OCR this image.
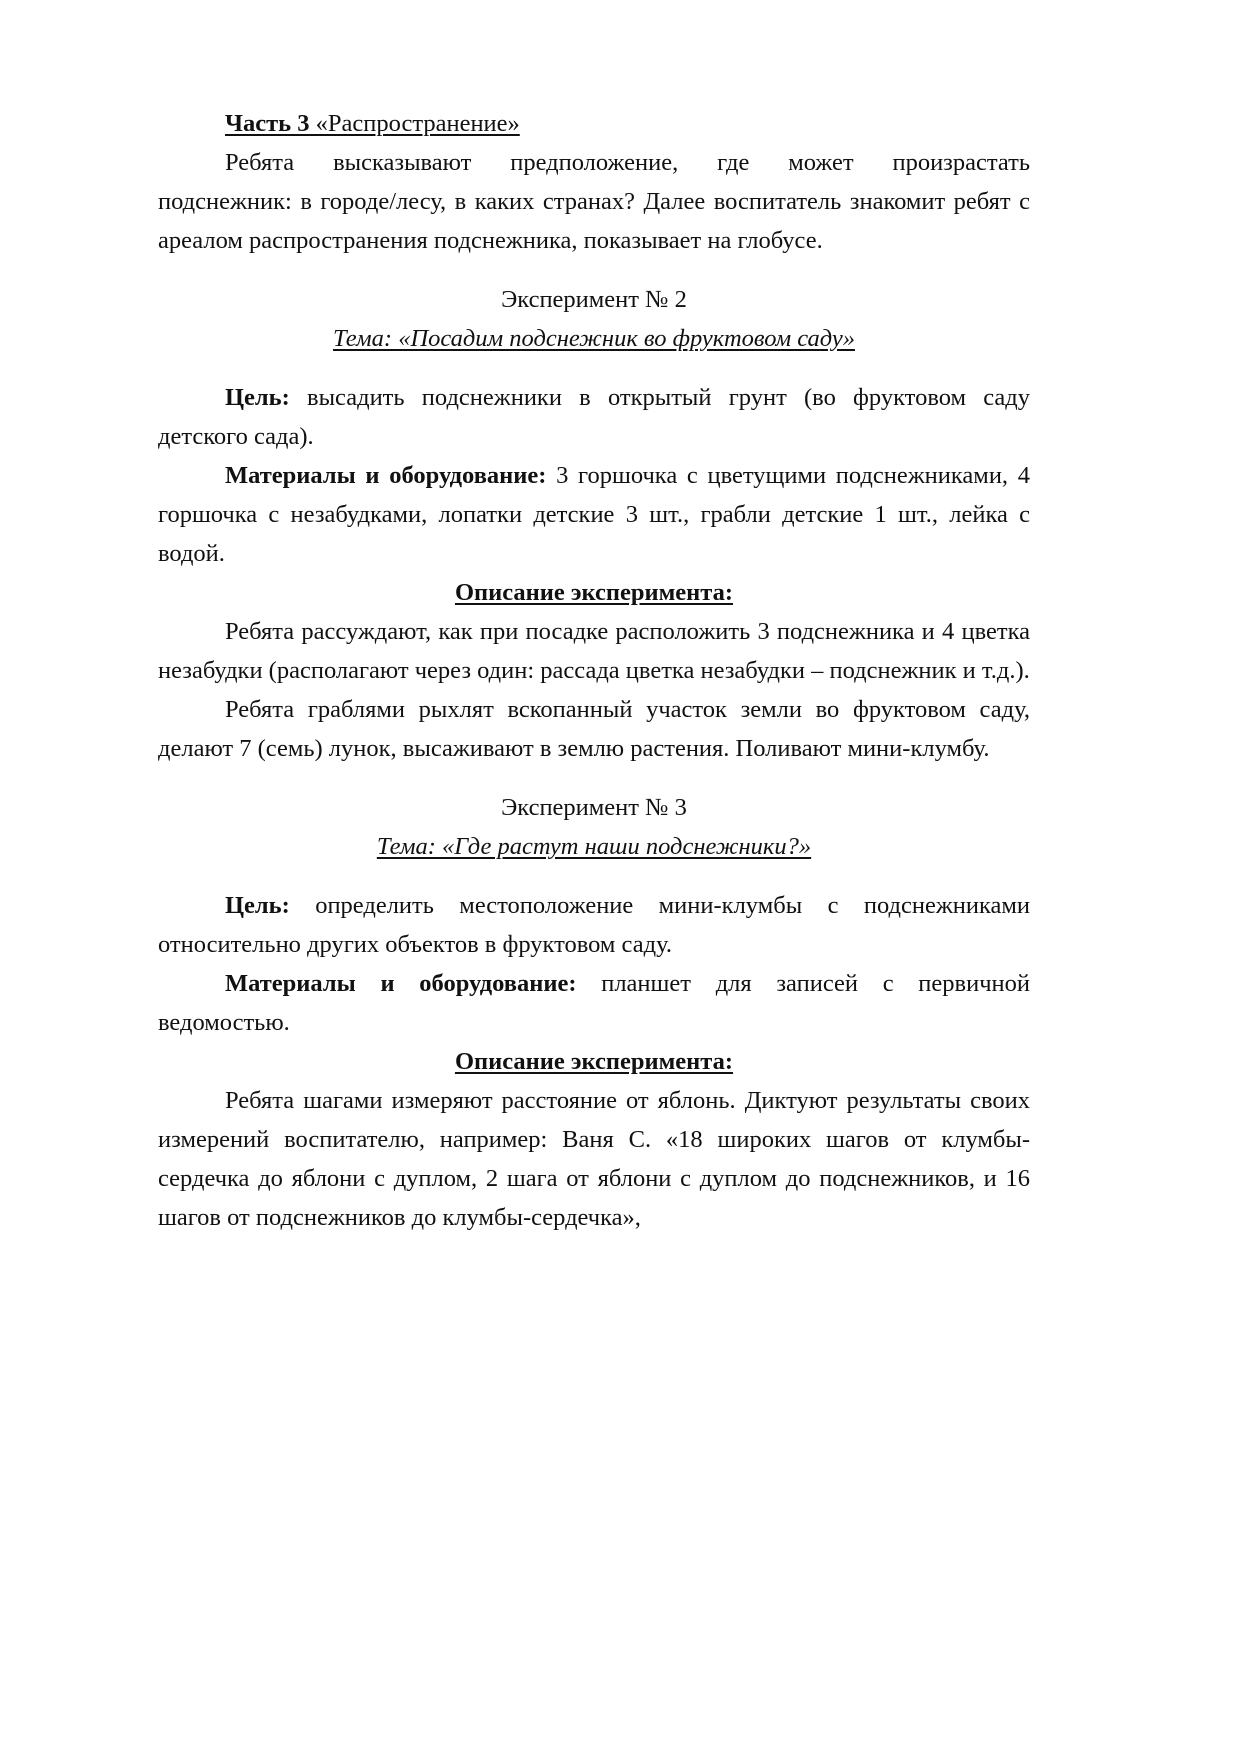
Часть 3 «Распространение»

Ребята высказывают предположение, где может произрастать
подснежник: в городе/лесу, в каких странах? Далее воспитатель знакомит ребят с ареалом распространения подснежника, показывает на глобусе.

Эксперимент № 2

Тема: «Посадим подснежник во фруктовом саду»

Цель: высадить подснежники в открытый грунт (во фруктовом саду детского сада).

Материалы и оборудование: 3 горшочка с цветущими подснежниками, 4 горшочка с незабудками, лопатки детские 3 шт., грабли детские 1 шт., лейка с водой.

Описание эксперимента:

Ребята рассуждают, как при посадке расположить 3 подснежника и 4 цветка незабудки (располагают через один: рассада цветка незабудки – подснежник и т.д.).

Ребята граблями рыхлят вскопанный участок земли во фруктовом саду, делают 7 (семь) лунок, высаживают в землю растения. Поливают мини-клумбу.

Эксперимент № 3

Тема: «Где растут наши подснежники?»

Цель: определить местоположение мини-клумбы с подснежниками относительно других объектов в фруктовом саду.

Материалы и оборудование: планшет для записей с первичной ведомостью.

Описание эксперимента:

Ребята шагами измеряют расстояние от яблонь. Диктуют результаты своих измерений воспитателю, например: Ваня С. «18 широких шагов от клумбы-сердечка до яблони с дуплом, 2 шага от яблони с дуплом до подснежников, и 16 шагов от подснежников до клумбы-сердечка»,
